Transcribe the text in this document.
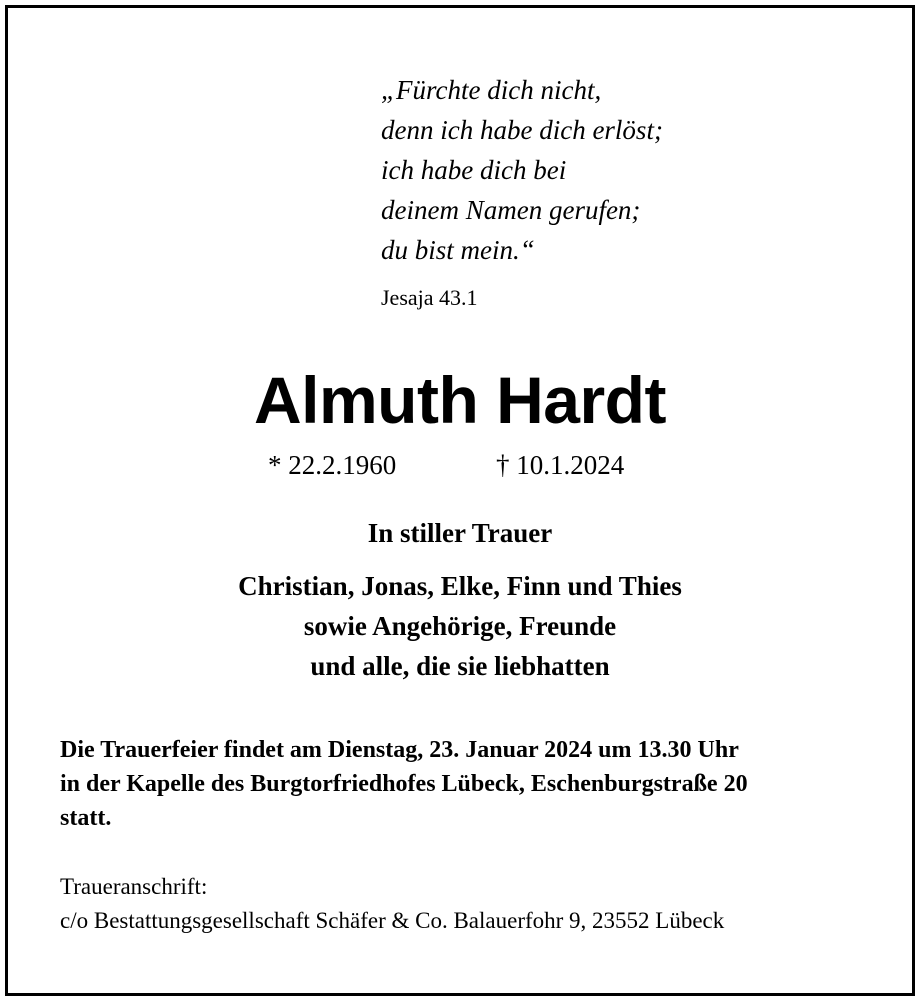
„Fürchte dich nicht,
denn ich habe dich erlöst;
ich habe dich bei
deinem Namen gerufen;
du bist mein.“
Jesaja 43.1
Almuth Hardt
* 22.2.1960	† 10.1.2024
In stiller Trauer
Christian, Jonas, Elke, Finn und Thies
sowie Angehörige, Freunde
und alle, die sie liebhatten
Die Trauerfeier findet am Dienstag, 23. Januar 2024 um 13.30 Uhr
in der Kapelle des Burgtorfriedhofes Lübeck, Eschenburgstraße 20
statt.
Traueranschrift:
c/o Bestattungsgesellschaft Schäfer & Co. Balauerfohr 9, 23552 Lübeck
